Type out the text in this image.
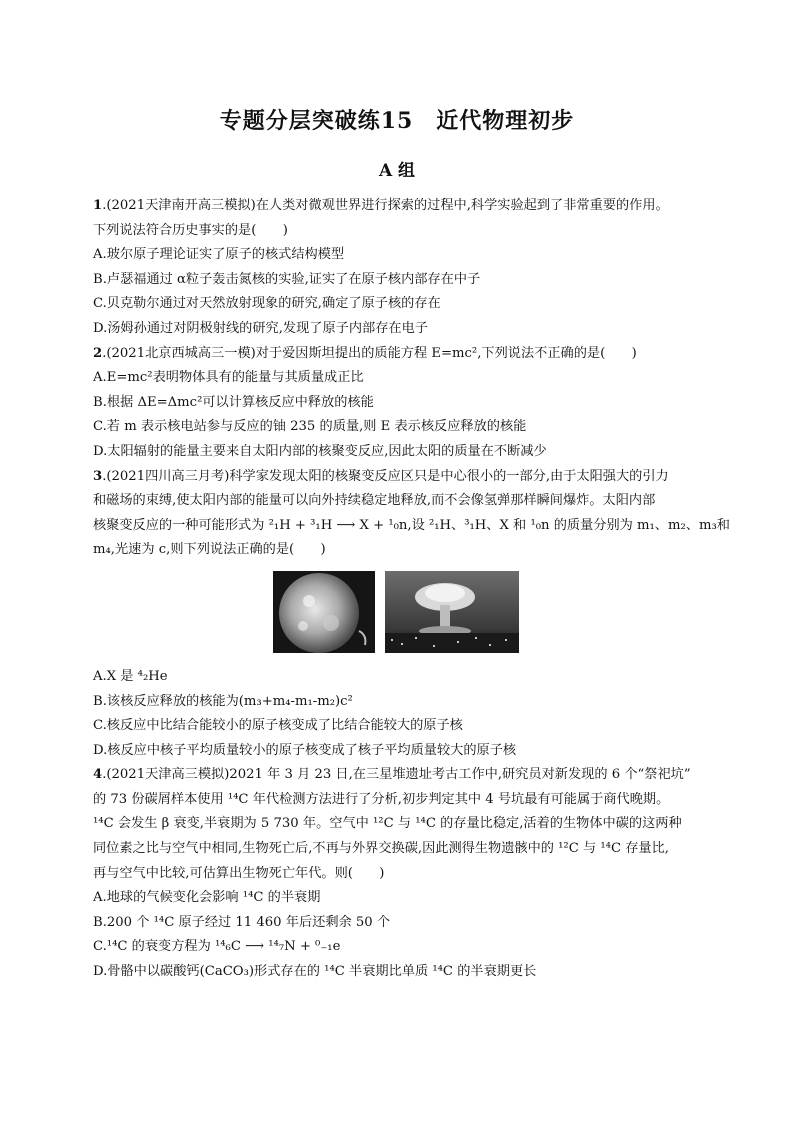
专题分层突破练15　近代物理初步
A 组
1.(2021天津南开高三模拟)在人类对微观世界进行探索的过程中,科学实验起到了非常重要的作用。
下列说法符合历史事实的是(　　)
A.玻尔原子理论证实了原子的核式结构模型
B.卢瑟福通过 α粒子轰击氮核的实验,证实了在原子核内部存在中子
C.贝克勒尔通过对天然放射现象的研究,确定了原子核的存在
D.汤姆孙通过对阴极射线的研究,发现了原子内部存在电子
2.(2021北京西城高三一模)对于爱因斯坦提出的质能方程 E=mc²,下列说法不正确的是(　　)
A.E=mc²表明物体具有的能量与其质量成正比
B.根据 ΔE=Δmc²可以计算核反应中释放的核能
C.若 m 表示核电站参与反应的铀 235 的质量,则 E 表示核反应释放的核能
D.太阳辐射的能量主要来自太阳内部的核聚变反应,因此太阳的质量在不断减少
3.(2021四川高三月考)科学家发现太阳的核聚变反应区只是中心很小的一部分,由于太阳强大的引力
和磁场的束缚,使太阳内部的能量可以向外持续稳定地释放,而不会像氢弹那样瞬间爆炸。太阳内部
核聚变反应的一种可能形式为 ²₁H + ³₁H ⟶ X + ¹₀n,设 ²₁H、³₁H、X 和 ¹₀n 的质量分别为 m₁、m₂、m₃和
m₄,光速为 c,则下列说法正确的是(　　)
A.X 是 ⁴₂He
B.该核反应释放的核能为(m₃+m₄-m₁-m₂)c²
C.核反应中比结合能较小的原子核变成了比结合能较大的原子核
D.核反应中核子平均质量较小的原子核变成了核子平均质量较大的原子核
4.(2021天津高三模拟)2021 年 3 月 23 日,在三星堆遗址考古工作中,研究员对新发现的 6 个“祭祀坑”
的 73 份碳屑样本使用 ¹⁴C 年代检测方法进行了分析,初步判定其中 4 号坑最有可能属于商代晚期。
¹⁴C 会发生 β 衰变,半衰期为 5 730 年。空气中 ¹²C 与 ¹⁴C 的存量比稳定,活着的生物体中碳的这两种
同位素之比与空气中相同,生物死亡后,不再与外界交换碳,因此测得生物遗骸中的 ¹²C 与 ¹⁴C 存量比,
再与空气中比较,可估算出生物死亡年代。则(　　)
A.地球的气候变化会影响 ¹⁴C 的半衰期
B.200 个 ¹⁴C 原子经过 11 460 年后还剩余 50 个
C.¹⁴C 的衰变方程为 ¹⁴₆C ⟶ ¹⁴₇N + ⁰₋₁e
D.骨骼中以碳酸钙(CaCO₃)形式存在的 ¹⁴C 半衰期比单质 ¹⁴C 的半衰期更长
